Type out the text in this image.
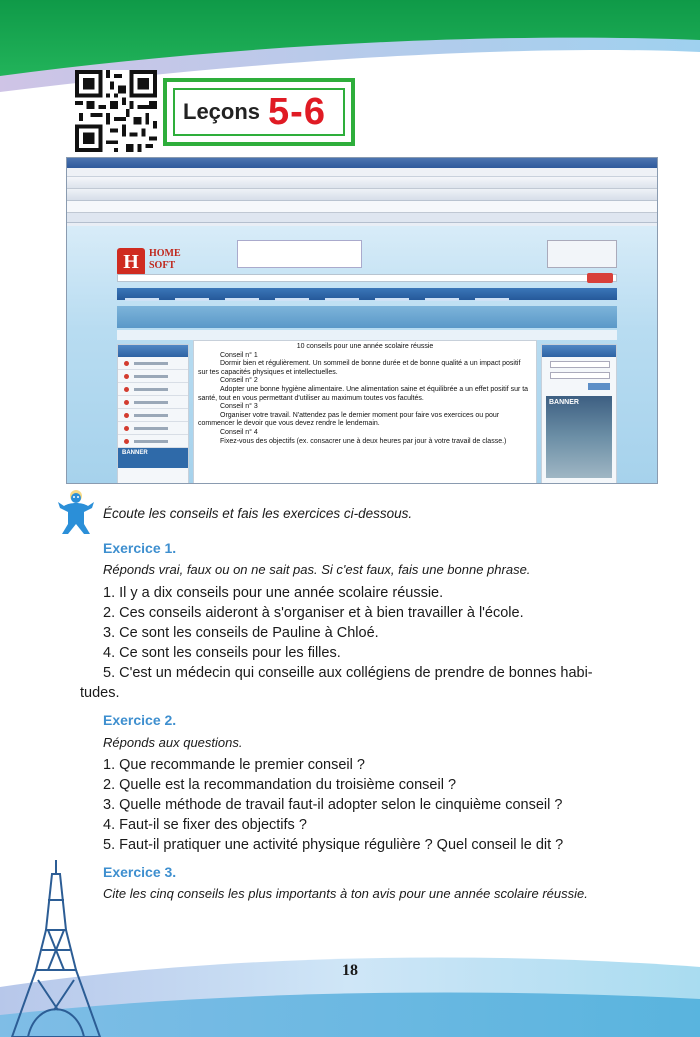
Leçons 5-6
H	HOME
SOFT
BANNER

10 conseils pour une année scolaire réussie

Conseil n° 1

Dormir bien et régulièrement. Un sommeil de bonne durée et de bonne qualité a un impact positif sur tes capacités physiques et intellectuelles.

Conseil n° 2

Adopter une bonne hygiène alimentaire. Une alimentation saine et équilibrée a un effet positif sur ta santé, tout en vous permettant d'utiliser au maximum toutes vos facultés.

Conseil n° 3

Organiser votre travail. N'attendez pas le dernier moment pour faire vos exercices ou pour commencer le devoir que vous devez rendre le lendemain.

Conseil n° 4

Fixez-vous des objectifs (ex. consacrer une à deux heures par jour à votre travail de classe.)

BANNER
Écoute les conseils et fais les exercices ci-dessous.
Exercice 1.
Réponds vrai, faux ou on ne sait pas. Si c'est faux, fais une bonne phrase.
1. Il y a dix conseils pour une année scolaire réussie.
2. Ces conseils aideront à s'organiser et à bien travailler à l'école.
3. Ce sont les conseils de Pauline à Chloé.
4. Ce sont les conseils pour les filles.
5. C'est un médecin qui conseille aux collégiens de prendre de bonnes habi-
tudes.
Exercice 2.
Réponds aux questions.
1. Que recommande le premier conseil ?
2. Quelle est la recommandation du troisième conseil ?
3. Quelle méthode de travail faut-il adopter selon le cinquième conseil ?
4. Faut-il se fixer des objectifs ?
5. Faut-il pratiquer une activité physique régulière ? Quel conseil le dit ?
Exercice 3.
Cite les cinq conseils les plus importants à ton avis pour une année scolaire réussie.
18
